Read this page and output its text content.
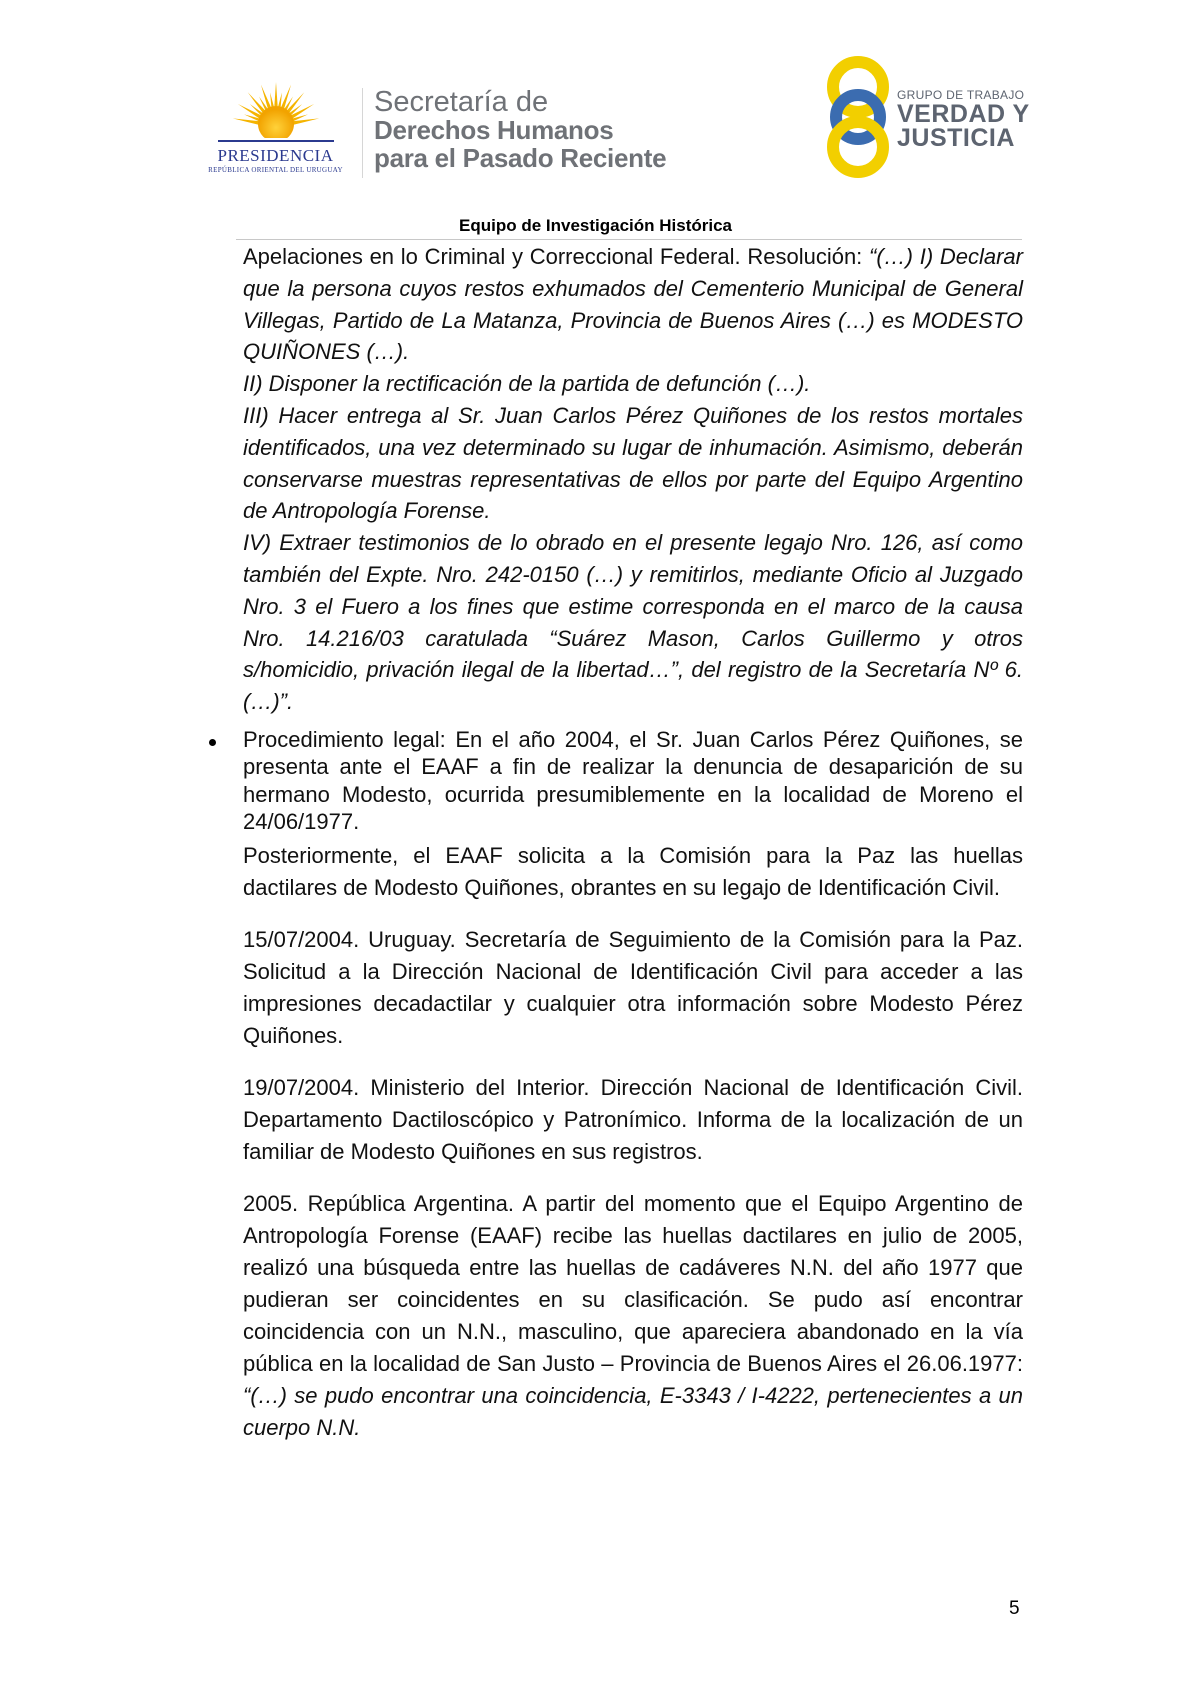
PRESIDENCIA
REPÚBLICA ORIENTAL DEL URUGUAY
Secretaría de
Derechos Humanos
para el Pasado Reciente
GRUPO DE TRABAJO
VERDAD Y
JUSTICIA
Equipo de Investigación Histórica

Apelaciones en lo Criminal y Correccional Federal. Resolución: “(…) I) Declarar que la persona cuyos restos exhumados del Cementerio Municipal de General Villegas, Partido de La Matanza, Provincia de Buenos Aires (…) es MODESTO QUIÑONES (…).

II) Disponer la rectificación de la partida de defunción (…).

III) Hacer entrega al Sr. Juan Carlos Pérez Quiñones de los restos mortales identificados, una vez determinado su lugar de inhumación. Asimismo, deberán conservarse muestras representativas de ellos por parte del Equipo Argentino de Antropología Forense.

IV) Extraer testimonios de lo obrado en el presente legajo Nro. 126, así como también del Expte. Nro. 242-0150 (…) y remitirlos, mediante Oficio al Juzgado Nro. 3 el Fuero a los fines que estime corresponda en el marco de la causa Nro. 14.216/03 caratulada “Suárez Mason, Carlos Guillermo y otros s/homicidio, privación ilegal de la libertad…”, del registro de la Secretaría Nº 6. (…)”.

Procedimiento legal: En el año 2004, el Sr. Juan Carlos Pérez Quiñones, se presenta ante el EAAF a fin de realizar la denuncia de desaparición de su hermano Modesto, ocurrida presumiblemente en la localidad de Moreno el 24/06/1977.

Posteriormente, el EAAF solicita a la Comisión para la Paz las huellas dactilares de Modesto Quiñones, obrantes en su legajo de Identificación Civil.

15/07/2004. Uruguay. Secretaría de Seguimiento de la Comisión para la Paz. Solicitud a la Dirección Nacional de Identificación Civil para acceder a las impresiones decadactilar y cualquier otra información sobre Modesto Pérez Quiñones.

19/07/2004. Ministerio del Interior. Dirección Nacional de Identificación Civil. Departamento Dactiloscópico y Patronímico. Informa de la localización de un familiar de Modesto Quiñones en sus registros.

2005. República Argentina. A partir del momento que el Equipo Argentino de Antropología Forense (EAAF) recibe las huellas dactilares en julio de 2005, realizó una búsqueda entre las huellas de cadáveres N.N. del año 1977 que pudieran ser coincidentes en su clasificación. Se pudo así encontrar coincidencia con un N.N., masculino, que apareciera abandonado en la vía pública en la localidad de San Justo – Provincia de Buenos Aires el 26.06.1977: “(…) se pudo encontrar una coincidencia, E-3343 / I-4222, pertenecientes a un cuerpo N.N.

5
